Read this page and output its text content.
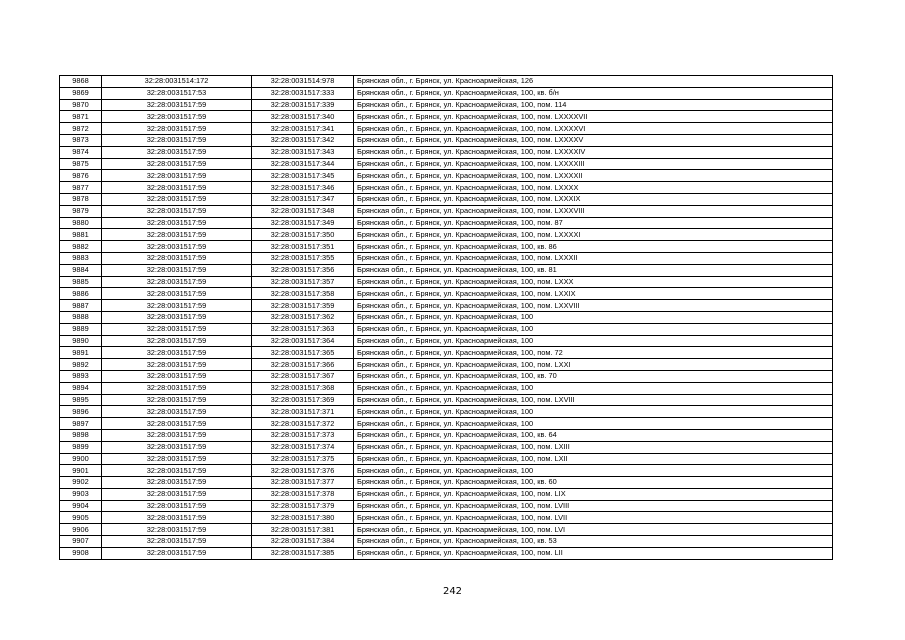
9868	32:28:0031514:172	32:28:0031514:978	Брянская обл., г. Брянск, ул. Красноармейская, 126
9869	32:28:0031517:53	32:28:0031517:333	Брянская обл., г. Брянск, ул. Красноармейская, 100, кв. б/н
9870	32:28:0031517:59	32:28:0031517:339	Брянская обл., г. Брянск, ул. Красноармейская, 100, пом. 114
9871	32:28:0031517:59	32:28:0031517:340	Брянская обл., г. Брянск, ул. Красноармейская, 100, пом. LXXXXVII
9872	32:28:0031517:59	32:28:0031517:341	Брянская обл., г. Брянск, ул. Красноармейская, 100, пом. LXXXXVI
9873	32:28:0031517:59	32:28:0031517:342	Брянская обл., г. Брянск, ул. Красноармейская, 100, пом. LXXXXV
9874	32:28:0031517:59	32:28:0031517:343	Брянская обл., г. Брянск, ул. Красноармейская, 100, пом. LXXXXIV
9875	32:28:0031517:59	32:28:0031517:344	Брянская обл., г. Брянск, ул. Красноармейская, 100, пом. LXXXXIII
9876	32:28:0031517:59	32:28:0031517:345	Брянская обл., г. Брянск, ул. Красноармейская, 100, пом. LXXXXII
9877	32:28:0031517:59	32:28:0031517:346	Брянская обл., г. Брянск, ул. Красноармейская, 100, пом. LXXXX
9878	32:28:0031517:59	32:28:0031517:347	Брянская обл., г. Брянск, ул. Красноармейская, 100, пом. LXXXIX
9879	32:28:0031517:59	32:28:0031517:348	Брянская обл., г. Брянск, ул. Красноармейская, 100, пом. LXXXVIII
9880	32:28:0031517:59	32:28:0031517:349	Брянская обл., г. Брянск, ул. Красноармейская, 100, пом. 87
9881	32:28:0031517:59	32:28:0031517:350	Брянская обл., г. Брянск, ул. Красноармейская, 100, пом. LXXXXI
9882	32:28:0031517:59	32:28:0031517:351	Брянская обл., г. Брянск, ул. Красноармейская, 100, кв. 86
9883	32:28:0031517:59	32:28:0031517:355	Брянская обл., г. Брянск, ул. Красноармейская, 100, пом. LXXXII
9884	32:28:0031517:59	32:28:0031517:356	Брянская обл., г. Брянск, ул. Красноармейская, 100, кв. 81
9885	32:28:0031517:59	32:28:0031517:357	Брянская обл., г. Брянск, ул. Красноармейская, 100, пом. LXXX
9886	32:28:0031517:59	32:28:0031517:358	Брянская обл., г. Брянск, ул. Красноармейская, 100, пом. LXXIX
9887	32:28:0031517:59	32:28:0031517:359	Брянская обл., г. Брянск, ул. Красноармейская, 100, пом. LXXVIII
9888	32:28:0031517:59	32:28:0031517:362	Брянская обл., г. Брянск, ул. Красноармейская, 100
9889	32:28:0031517:59	32:28:0031517:363	Брянская обл., г. Брянск, ул. Красноармейская, 100
9890	32:28:0031517:59	32:28:0031517:364	Брянская обл., г. Брянск, ул. Красноармейская, 100
9891	32:28:0031517:59	32:28:0031517:365	Брянская обл., г. Брянск, ул. Красноармейская, 100, пом. 72
9892	32:28:0031517:59	32:28:0031517:366	Брянская обл., г. Брянск, ул. Красноармейская, 100, пом. LXXI
9893	32:28:0031517:59	32:28:0031517:367	Брянская обл., г. Брянск, ул. Красноармейская, 100, кв. 70
9894	32:28:0031517:59	32:28:0031517:368	Брянская обл., г. Брянск, ул. Красноармейская, 100
9895	32:28:0031517:59	32:28:0031517:369	Брянская обл., г. Брянск, ул. Красноармейская, 100, пом. LXVIII
9896	32:28:0031517:59	32:28:0031517:371	Брянская обл., г. Брянск, ул. Красноармейская, 100
9897	32:28:0031517:59	32:28:0031517:372	Брянская обл., г. Брянск, ул. Красноармейская, 100
9898	32:28:0031517:59	32:28:0031517:373	Брянская обл., г. Брянск, ул. Красноармейская, 100, кв. 64
9899	32:28:0031517:59	32:28:0031517:374	Брянская обл., г. Брянск, ул. Красноармейская, 100, пом. LXIII
9900	32:28:0031517:59	32:28:0031517:375	Брянская обл., г. Брянск, ул. Красноармейская, 100, пом. LXII
9901	32:28:0031517:59	32:28:0031517:376	Брянская обл., г. Брянск, ул. Красноармейская, 100
9902	32:28:0031517:59	32:28:0031517:377	Брянская обл., г. Брянск, ул. Красноармейская, 100, кв. 60
9903	32:28:0031517:59	32:28:0031517:378	Брянская обл., г. Брянск, ул. Красноармейская, 100, пом. LIX
9904	32:28:0031517:59	32:28:0031517:379	Брянская обл., г. Брянск, ул. Красноармейская, 100, пом. LVIII
9905	32:28:0031517:59	32:28:0031517:380	Брянская обл., г. Брянск, ул. Красноармейская, 100, пом. LVII
9906	32:28:0031517:59	32:28:0031517:381	Брянская обл., г. Брянск, ул. Красноармейская, 100, пом. LVI
9907	32:28:0031517:59	32:28:0031517:384	Брянская обл., г. Брянск, ул. Красноармейская, 100, кв. 53
9908	32:28:0031517:59	32:28:0031517:385	Брянская обл., г. Брянск, ул. Красноармейская, 100, пом. LII
242
